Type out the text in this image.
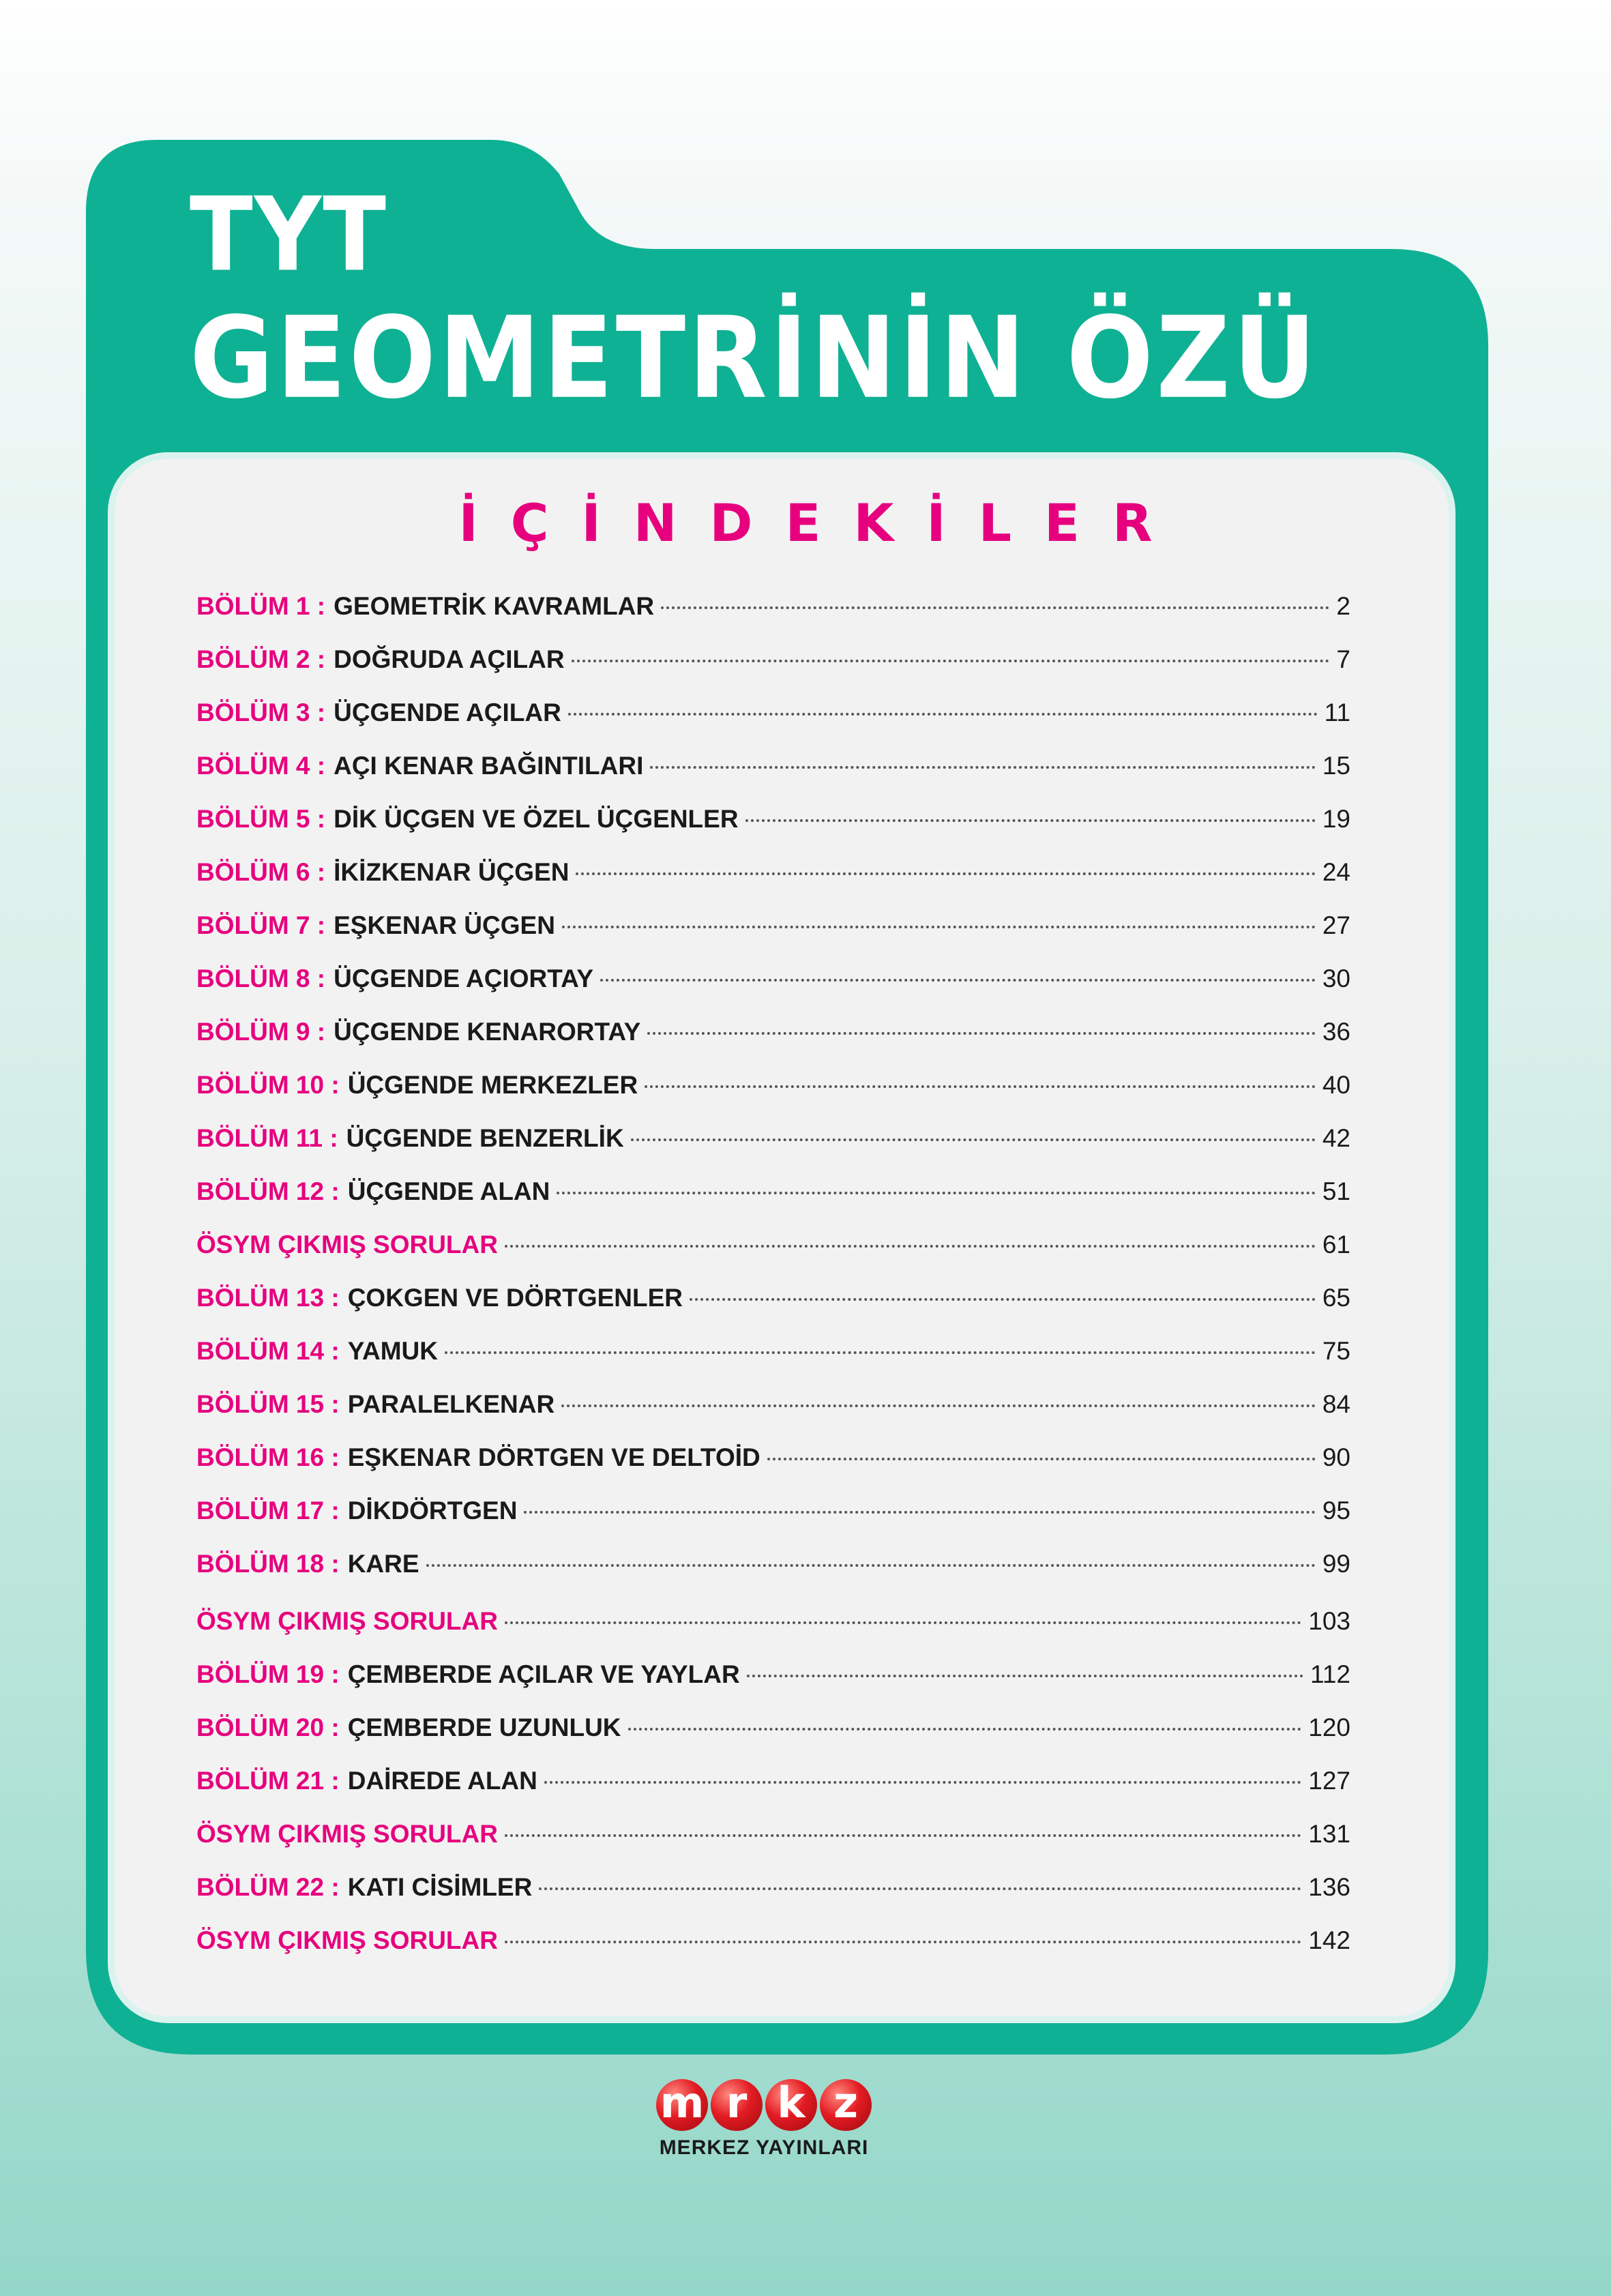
TYT
GEOMETRİNİN ÖZÜ
İÇİNDEKİLER
BÖLÜM 1 : GEOMETRİK KAVRAMLAR	2
BÖLÜM 2 : DOĞRUDA AÇILAR	7
BÖLÜM 3 : ÜÇGENDE AÇILAR	11
BÖLÜM 4 : AÇI KENAR BAĞINTILARI	15
BÖLÜM 5 : DİK ÜÇGEN VE ÖZEL ÜÇGENLER	19
BÖLÜM 6 : İKİZKENAR ÜÇGEN	24
BÖLÜM 7 : EŞKENAR ÜÇGEN	27
BÖLÜM 8 : ÜÇGENDE AÇIORTAY	30
BÖLÜM 9 : ÜÇGENDE KENARORTAY	36
BÖLÜM 10 : ÜÇGENDE MERKEZLER	40
BÖLÜM 11 : ÜÇGENDE BENZERLİK	42
BÖLÜM 12 : ÜÇGENDE ALAN	51
ÖSYM ÇIKMIŞ SORULAR	61
BÖLÜM 13 : ÇOKGEN VE DÖRTGENLER	65
BÖLÜM 14 : YAMUK	75
BÖLÜM 15 : PARALELKENAR	84
BÖLÜM 16 : EŞKENAR DÖRTGEN VE DELTOİD	90
BÖLÜM 17 : DİKDÖRTGEN	95
BÖLÜM 18 : KARE	99
ÖSYM ÇIKMIŞ SORULAR	103
BÖLÜM 19 : ÇEMBERDE AÇILAR VE YAYLAR	112
BÖLÜM 20 : ÇEMBERDE UZUNLUK	120
BÖLÜM 21 : DAİREDE ALAN	127
ÖSYM ÇIKMIŞ SORULAR	131
BÖLÜM 22 : KATI CİSİMLER	136
ÖSYM ÇIKMIŞ SORULAR	142
m r k z
MERKEZ YAYINLARI
